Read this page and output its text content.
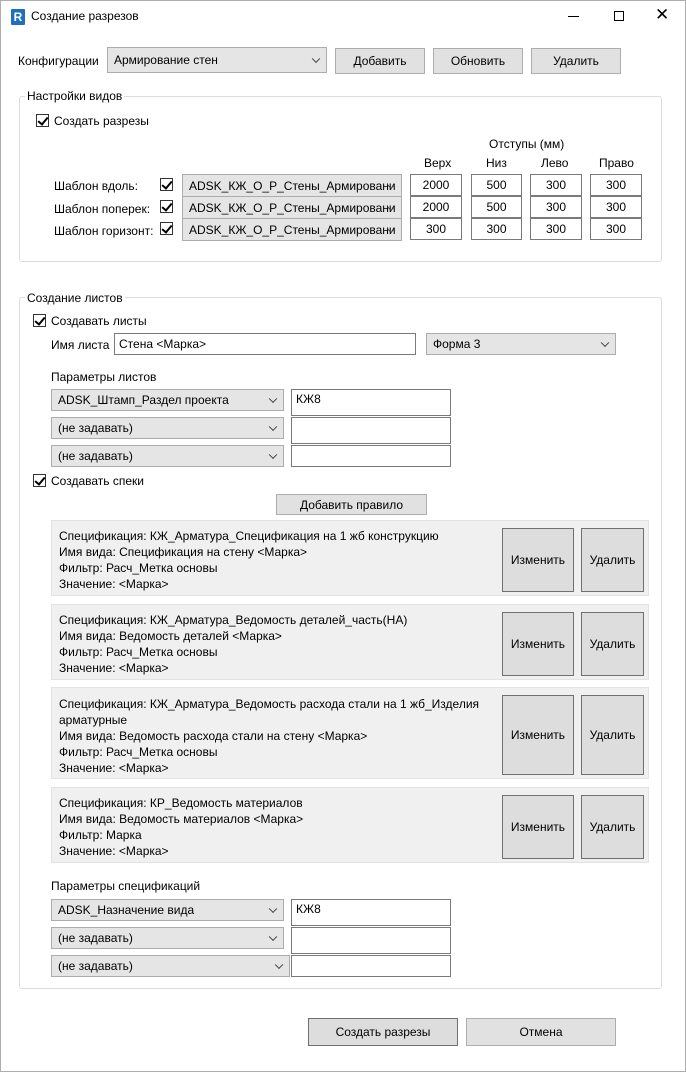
R Создание разрезов	✕
Конфигурации Армирование стен	Добавить	Обновить	Удалить
Настройки видов
Создать разрезы
Отступы (мм)
Верх	Низ	Лево	Право
Шаблон вдоль:	ADSK_КЖ_О_Р_Стены_Армировани	2000	500	300	300
Шаблон поперек:	ADSK_КЖ_О_Р_Стены_Армировани	2000	500	300	300
Шаблон горизонт:	ADSK_КЖ_О_Р_Стены_Армировани	300	300	300	300
Создание листов
Создавать листы
Имя листа Стена <Марка>	Форма 3
Параметры листов
ADSK_Штамп_Раздел проекта	КЖ8
(не задавать)
(не задавать)
Создавать спеки
Добавить правило
Спецификация: КЖ_Арматура_Спецификация на 1 жб конструкцию
Имя вида: Спецификация на стену <Марка>
Фильтр: Расч_Метка основы
Значение: <Марка>
Изменить	Удалить
Спецификация: КЖ_Арматура_Ведомость деталей_часть(НА)
Имя вида: Ведомость деталей <Марка>
Фильтр: Расч_Метка основы
Значение: <Марка>
Изменить	Удалить
Спецификация: КЖ_Арматура_Ведомость расхода стали на 1 жб_Изделия
арматурные
Имя вида: Ведомость расхода стали на стену <Марка>
Фильтр: Расч_Метка основы
Значение: <Марка>
Изменить	Удалить
Спецификация: КР_Ведомость материалов
Имя вида: Ведомость материалов <Марка>
Фильтр: Марка
Значение: <Марка>
Изменить	Удалить
Параметры спецификаций
ADSK_Назначение вида	КЖ8
(не задавать)
(не задавать)
Создать разрезы	Отмена
